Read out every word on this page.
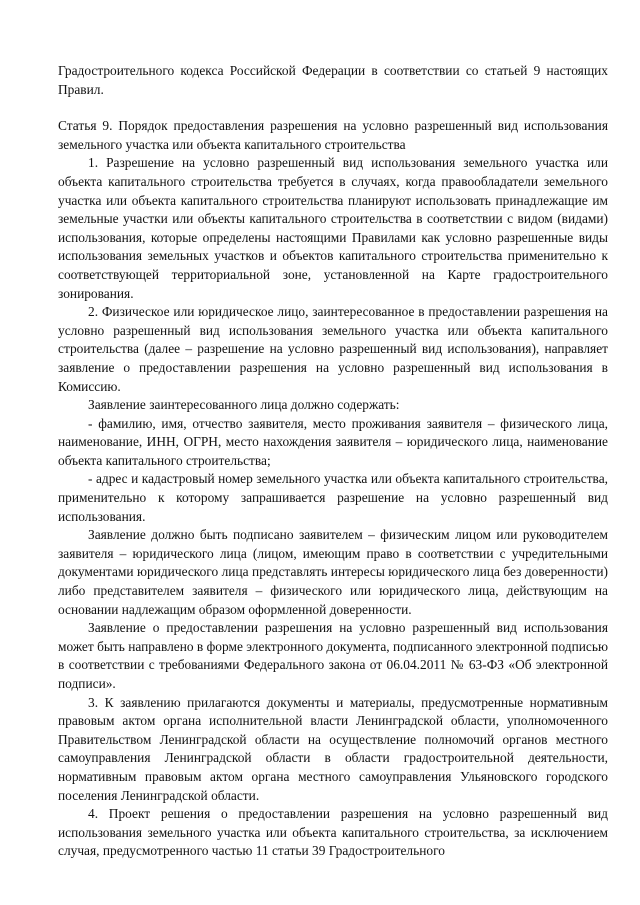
Градостроительного кодекса Российской Федерации в соответствии со статьей 9 настоящих Правил.

Статья 9. Порядок предоставления разрешения на условно разрешенный вид использования земельного участка или объекта капитального строительства

1. Разрешение на условно разрешенный вид использования земельного участка или объекта капитального строительства требуется в случаях, когда правообладатели земельного участка или объекта капитального строительства планируют использовать принадлежащие им земельные участки или объекты капитального строительства в соответствии с видом (видами) использования, которые определены настоящими Правилами как условно разрешенные виды использования земельных участков и объектов капитального строительства применительно к соответствующей территориальной зоне, установленной на Карте градостроительного зонирования.

2. Физическое или юридическое лицо, заинтересованное в предоставлении разрешения на условно разрешенный вид использования земельного участка или объекта капитального строительства (далее – разрешение на условно разрешенный вид использования), направляет заявление о предоставлении разрешения на условно разрешенный вид использования в Комиссию.

Заявление заинтересованного лица должно содержать:

- фамилию, имя, отчество заявителя, место проживания заявителя – физического лица, наименование, ИНН, ОГРН, место нахождения заявителя – юридического лица, наименование объекта капитального строительства;

- адрес и кадастровый номер земельного участка или объекта капитального строительства, применительно к которому запрашивается разрешение на условно разрешенный вид использования.

Заявление должно быть подписано заявителем – физическим лицом или руководителем заявителя – юридического лица (лицом, имеющим право в соответствии с учредительными документами юридического лица представлять интересы юридического лица без доверенности) либо представителем заявителя – физического или юридического лица, действующим на основании надлежащим образом оформленной доверенности.

Заявление о предоставлении разрешения на условно разрешенный вид использования может быть направлено в форме электронного документа, подписанного электронной подписью в соответствии с требованиями Федерального закона от 06.04.2011 № 63-ФЗ «Об электронной подписи».

3. К заявлению прилагаются документы и материалы, предусмотренные нормативным правовым актом органа исполнительной власти Ленинградской области, уполномоченного Правительством Ленинградской области на осуществление полномочий органов местного самоуправления Ленинградской области в области градостроительной деятельности, нормативным правовым актом органа местного самоуправления Ульяновского городского поселения Ленинградской области.

4. Проект решения о предоставлении разрешения на условно разрешенный вид использования земельного участка или объекта капитального строительства, за исключением случая, предусмотренного частью 11 статьи 39 Градостроительного
